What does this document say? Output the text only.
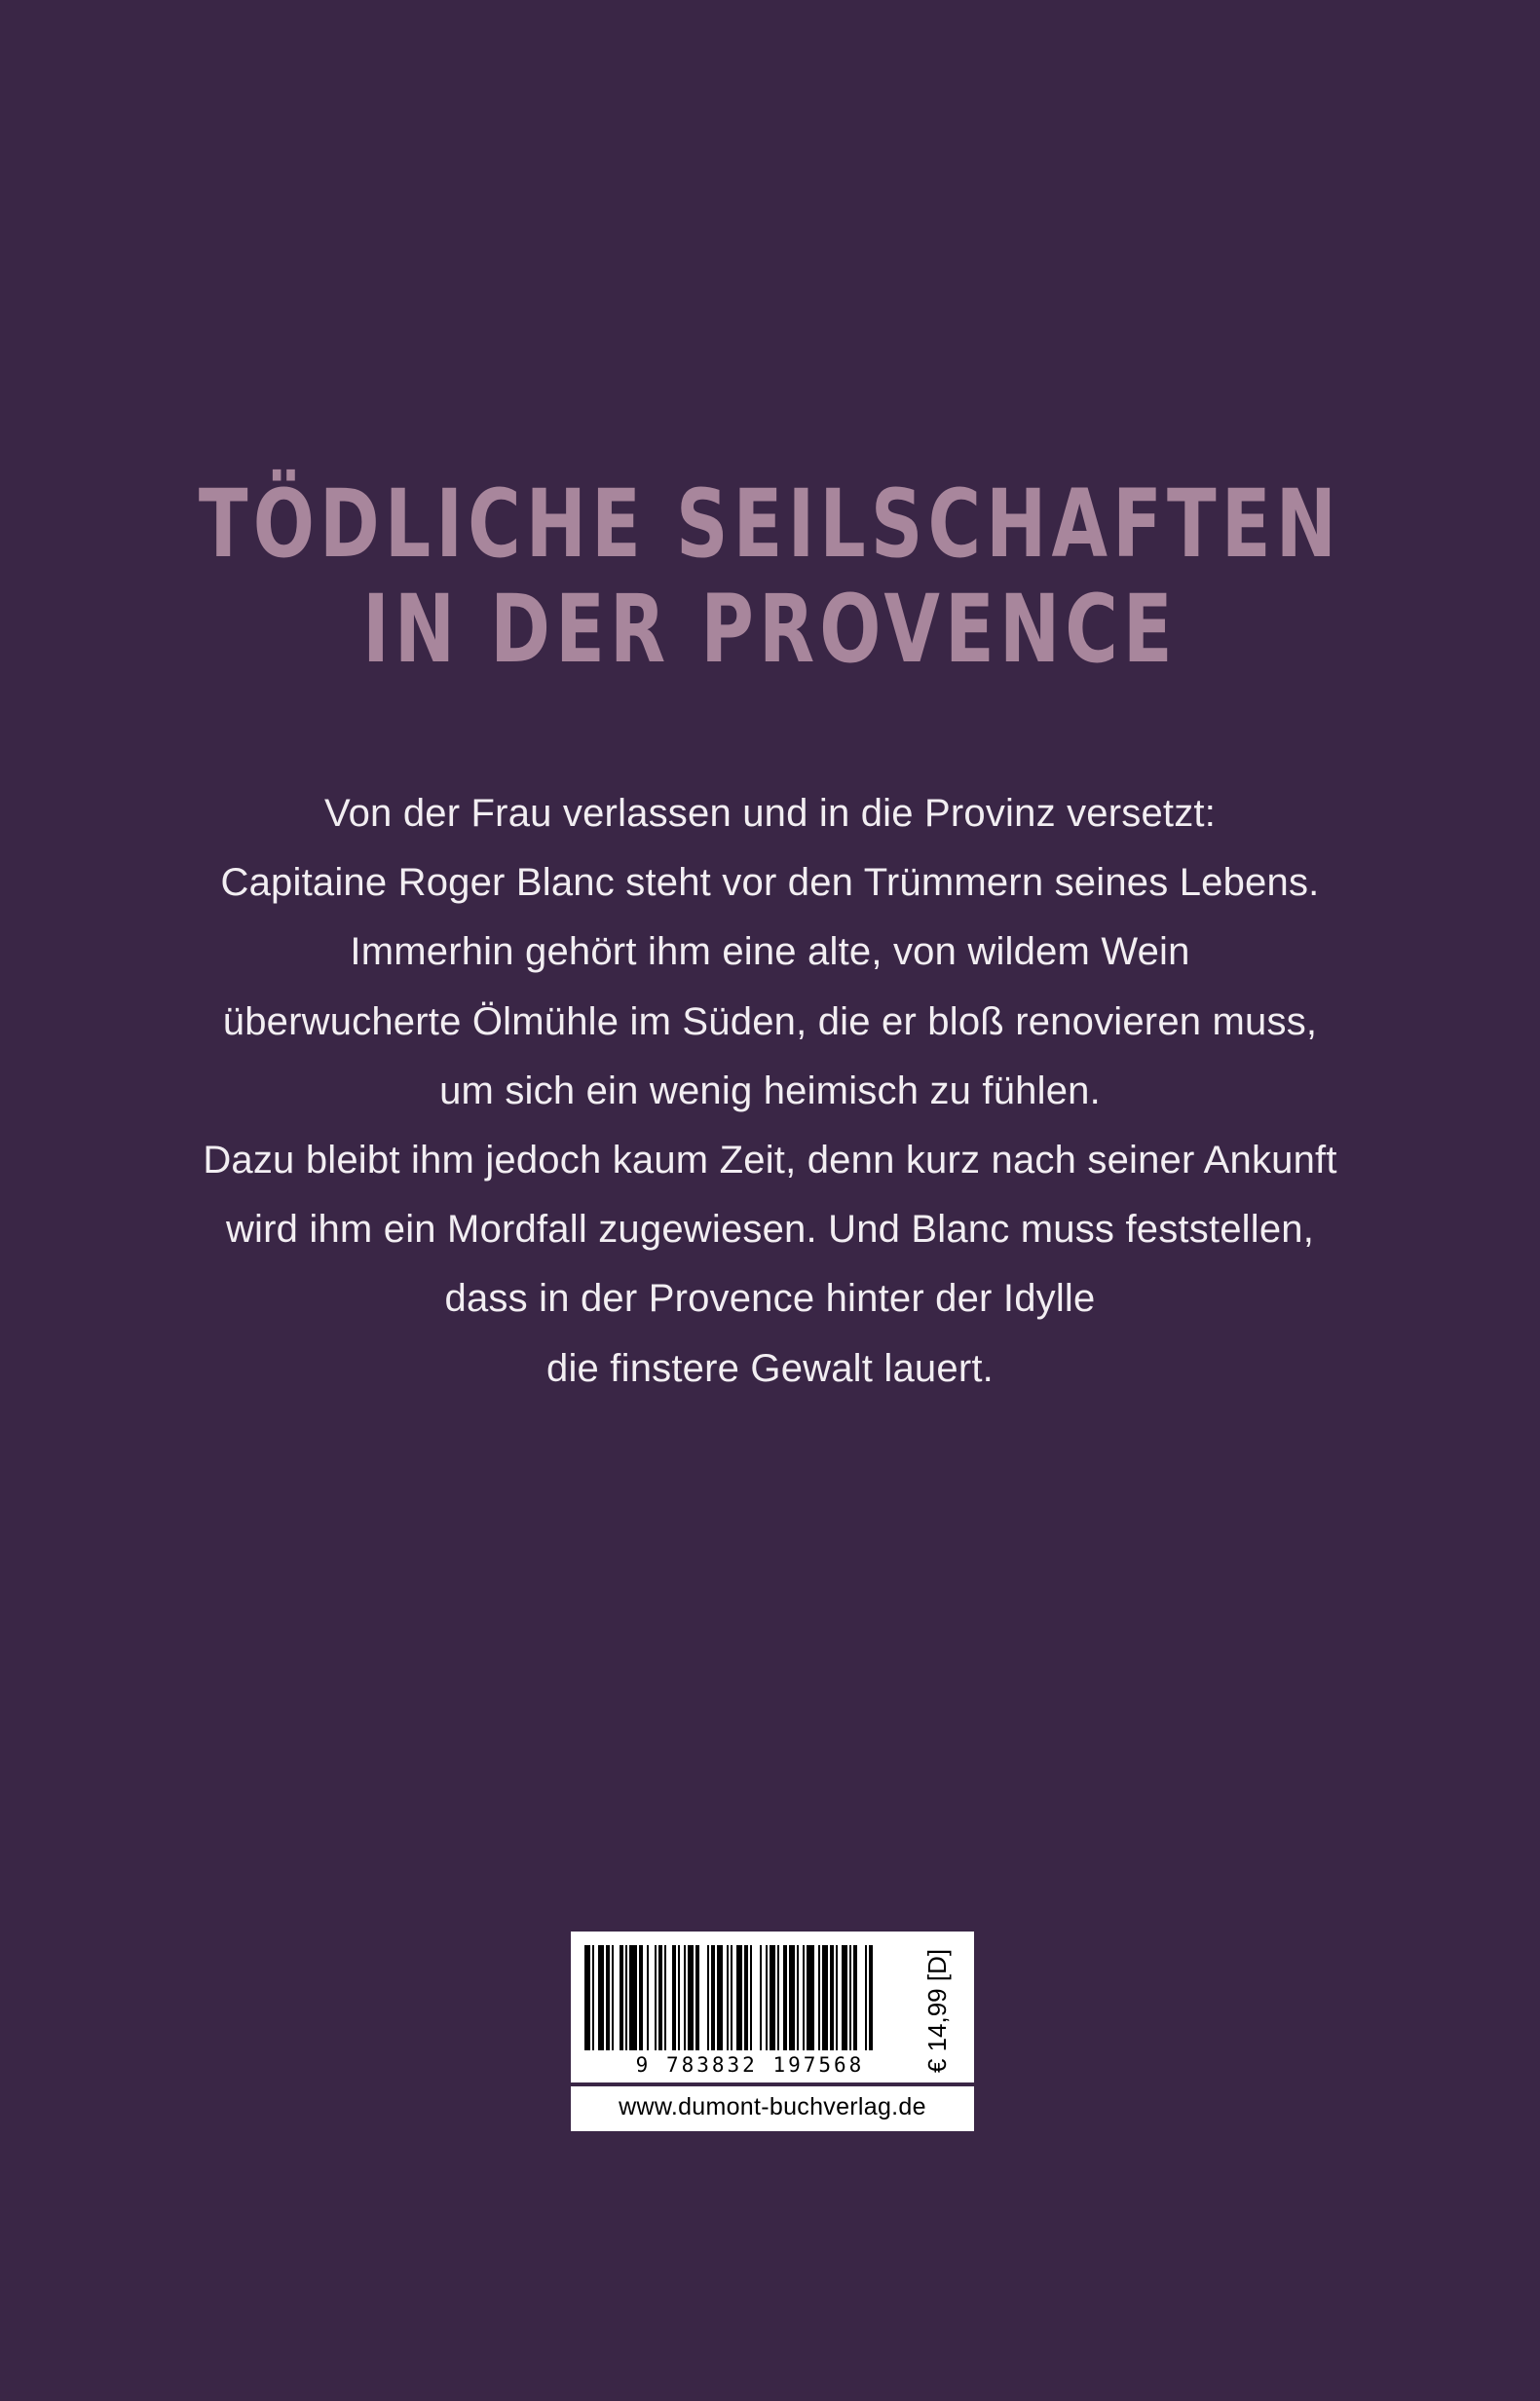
TÖDLICHE SEILSCHAFTEN
IN DER PROVENCE
Von der Frau verlassen und in die Provinz versetzt:
Capitaine Roger Blanc steht vor den Trümmern seines Lebens.
Immerhin gehört ihm eine alte, von wildem Wein
überwucherte Ölmühle im Süden, die er bloß renovieren muss,
um sich ein wenig heimisch zu fühlen.
Dazu bleibt ihm jedoch kaum Zeit, denn kurz nach seiner Ankunft
wird ihm ein Mordfall zugewiesen. Und Blanc muss feststellen,
dass in der Provence hinter der Idylle
die finstere Gewalt lauert.
9 783832 197568	€ 14,99 [D]
www.dumont-buchverlag.de
